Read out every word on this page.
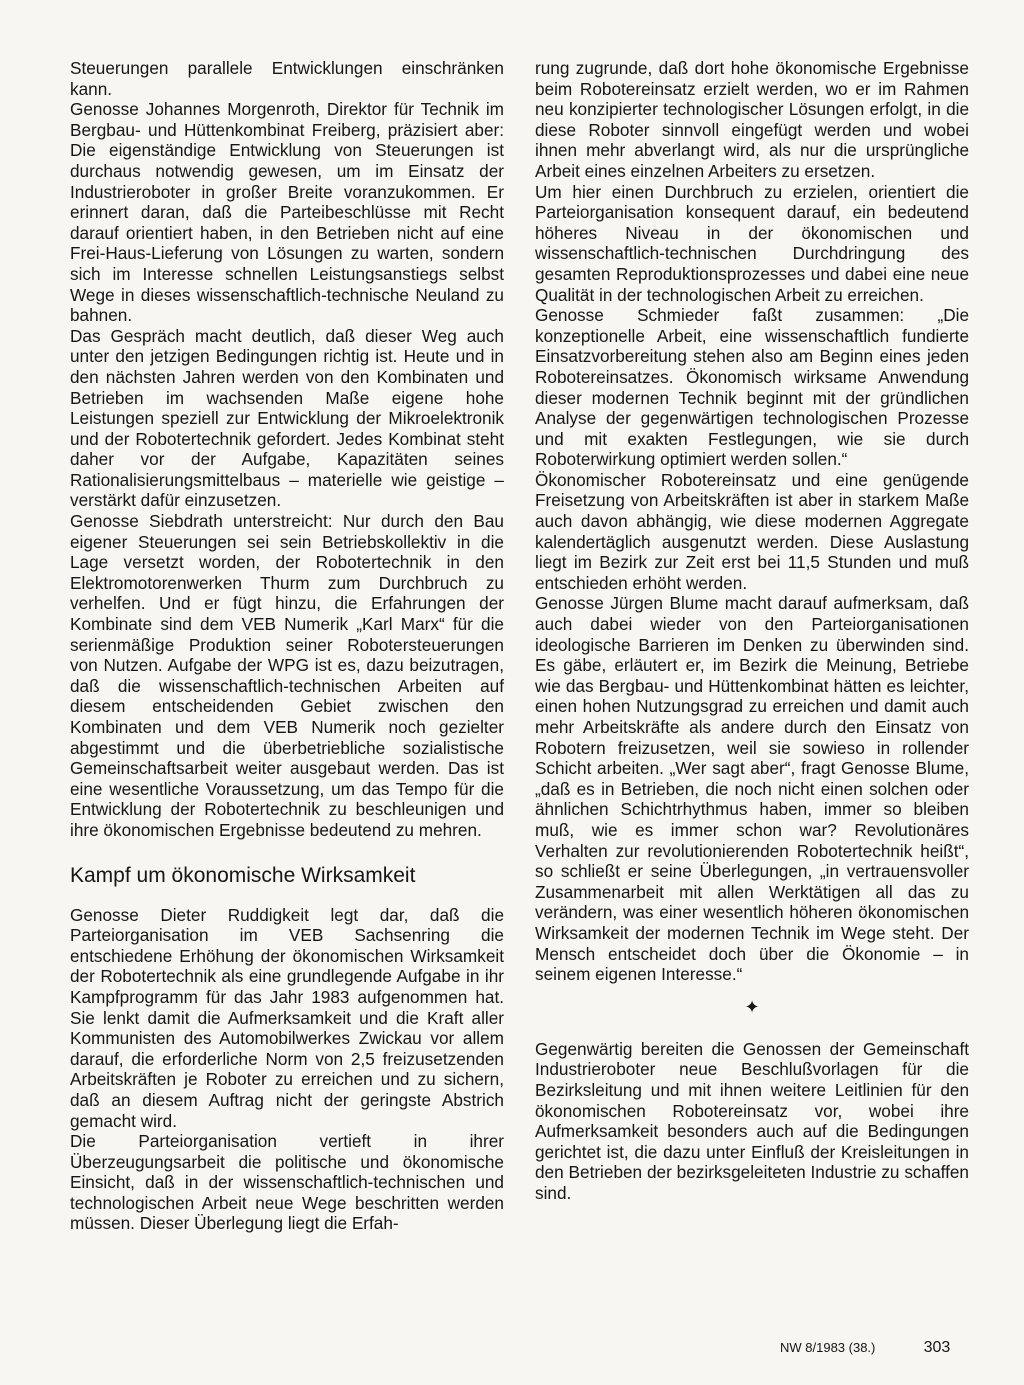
Steuerungen parallele Entwicklungen einschränken kann.

Genosse Johannes Morgenroth, Direktor für Technik im Bergbau- und Hüttenkombinat Freiberg, präzisiert aber: Die eigenständige Entwicklung von Steuerungen ist durchaus notwendig gewesen, um im Einsatz der Industrieroboter in großer Breite voranzukommen. Er erinnert daran, daß die Parteibeschlüsse mit Recht darauf orientiert haben, in den Betrieben nicht auf eine Frei-Haus-Lieferung von Lösungen zu warten, sondern sich im Interesse schnellen Leistungsanstiegs selbst Wege in dieses wissenschaftlich-technische Neuland zu bahnen.

Das Gespräch macht deutlich, daß dieser Weg auch unter den jetzigen Bedingungen richtig ist. Heute und in den nächsten Jahren werden von den Kombinaten und Betrieben im wachsenden Maße eigene hohe Leistungen speziell zur Entwicklung der Mikroelektronik und der Robotertechnik gefordert. Jedes Kombinat steht daher vor der Aufgabe, Kapazitäten seines Rationalisierungsmittelbaus – materielle wie geistige – verstärkt dafür einzusetzen.

Genosse Siebdrath unterstreicht: Nur durch den Bau eigener Steuerungen sei sein Betriebskollektiv in die Lage versetzt worden, der Robotertechnik in den Elektromotorenwerken Thurm zum Durchbruch zu verhelfen. Und er fügt hinzu, die Erfahrungen der Kombinate sind dem VEB Numerik „Karl Marx“ für die serienmäßige Produktion seiner Robotersteuerungen von Nutzen. Aufgabe der WPG ist es, dazu beizutragen, daß die wissenschaftlich-technischen Arbeiten auf diesem entscheidenden Gebiet zwischen den Kombinaten und dem VEB Numerik noch gezielter abgestimmt und die überbetriebliche sozialistische Gemeinschaftsarbeit weiter ausgebaut werden. Das ist eine wesentliche Voraussetzung, um das Tempo für die Entwicklung der Robotertechnik zu beschleunigen und ihre ökonomischen Ergebnisse bedeutend zu mehren.

Kampf um ökonomische Wirksamkeit

Genosse Dieter Ruddigkeit legt dar, daß die Parteiorganisation im VEB Sachsenring die entschiedene Erhöhung der ökonomischen Wirksamkeit der Robotertechnik als eine grundlegende Aufgabe in ihr Kampfprogramm für das Jahr 1983 aufgenommen hat. Sie lenkt damit die Aufmerksamkeit und die Kraft aller Kommunisten des Automobilwerkes Zwickau vor allem darauf, die erforderliche Norm von 2,5 freizusetzenden Arbeitskräften je Roboter zu erreichen und zu sichern, daß an diesem Auftrag nicht der geringste Abstrich gemacht wird.

Die Parteiorganisation vertieft in ihrer Überzeugungsarbeit die politische und ökonomische Einsicht, daß in der wissenschaftlich-technischen und technologischen Arbeit neue Wege beschritten werden müssen. Dieser Überlegung liegt die Erfah-

rung zugrunde, daß dort hohe ökonomische Ergebnisse beim Robotereinsatz erzielt werden, wo er im Rahmen neu konzipierter technologischer Lösungen erfolgt, in die diese Roboter sinnvoll eingefügt werden und wobei ihnen mehr abverlangt wird, als nur die ursprüngliche Arbeit eines einzelnen Arbeiters zu ersetzen.

Um hier einen Durchbruch zu erzielen, orientiert die Parteiorganisation konsequent darauf, ein bedeutend höheres Niveau in der ökonomischen und wissenschaftlich-technischen Durchdringung des gesamten Reproduktionsprozesses und dabei eine neue Qualität in der technologischen Arbeit zu erreichen.

Genosse Schmieder faßt zusammen: „Die konzeptionelle Arbeit, eine wissenschaftlich fundierte Einsatzvorbereitung stehen also am Beginn eines jeden Robotereinsatzes. Ökonomisch wirksame Anwendung dieser modernen Technik beginnt mit der gründlichen Analyse der gegenwärtigen technologischen Prozesse und mit exakten Festlegungen, wie sie durch Roboterwirkung optimiert werden sollen.“

Ökonomischer Robotereinsatz und eine genügende Freisetzung von Arbeitskräften ist aber in starkem Maße auch davon abhängig, wie diese modernen Aggregate kalendertäglich ausgenutzt werden. Diese Auslastung liegt im Bezirk zur Zeit erst bei 11,5 Stunden und muß entschieden erhöht werden.

Genosse Jürgen Blume macht darauf aufmerksam, daß auch dabei wieder von den Parteiorganisationen ideologische Barrieren im Denken zu überwinden sind. Es gäbe, erläutert er, im Bezirk die Meinung, Betriebe wie das Bergbau- und Hüttenkombinat hätten es leichter, einen hohen Nutzungsgrad zu erreichen und damit auch mehr Arbeitskräfte als andere durch den Einsatz von Robotern freizusetzen, weil sie sowieso in rollender Schicht arbeiten. „Wer sagt aber“, fragt Genosse Blume, „daß es in Betrieben, die noch nicht einen solchen oder ähnlichen Schichtrhythmus haben, immer so bleiben muß, wie es immer schon war? Revolutionäres Verhalten zur revolutionierenden Robotertechnik heißt“, so schließt er seine Überlegungen, „in vertrauensvoller Zusammenarbeit mit allen Werktätigen all das zu verändern, was einer wesentlich höheren ökonomischen Wirksamkeit der modernen Technik im Wege steht. Der Mensch entscheidet doch über die Ökonomie – in seinem eigenen Interesse.“

✦

Gegenwärtig bereiten die Genossen der Gemeinschaft Industrieroboter neue Beschlußvorlagen für die Bezirksleitung und mit ihnen weitere Leitlinien für den ökonomischen Robotereinsatz vor, wobei ihre Aufmerksamkeit besonders auch auf die Bedingungen gerichtet ist, die dazu unter Einfluß der Kreisleitungen in den Betrieben der bezirksgeleiteten Industrie zu schaffen sind.

NW 8/1983 (38.)	303
